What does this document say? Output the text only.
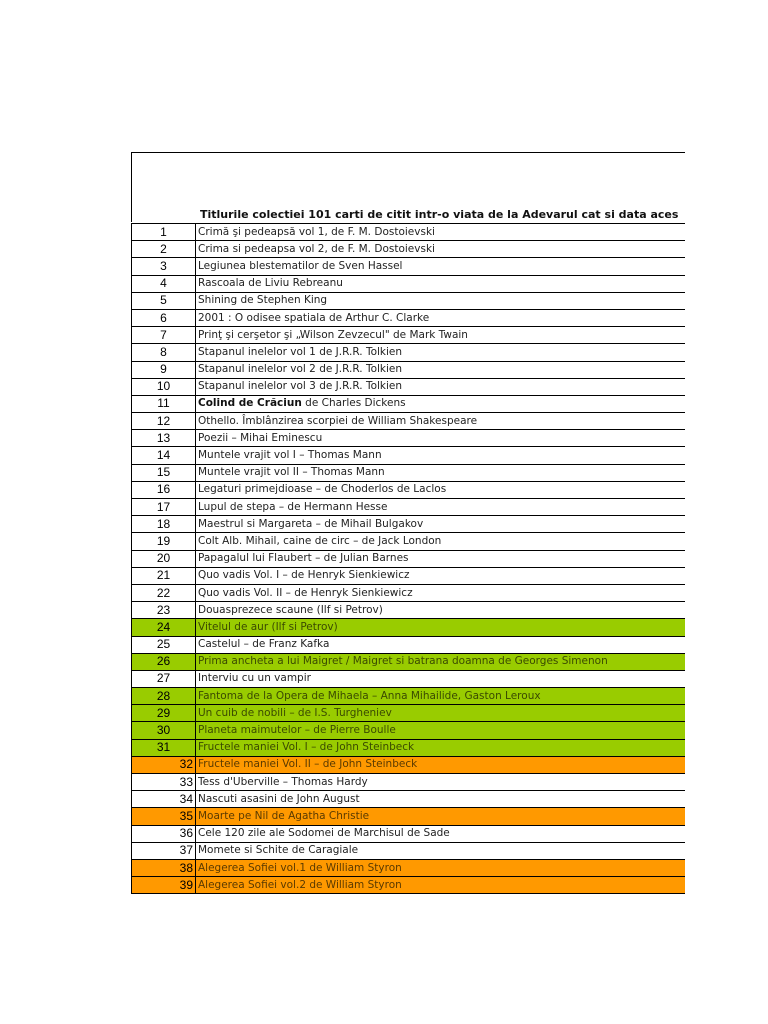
Titlurile colectiei 101 carti de citit intr-o viata de la Adevarul cat si data aces
1	Crimă şi pedeapsă vol 1, de F. M. Dostoievski
2	Crima si pedeapsa vol 2, de F. M. Dostoievski
3	Legiunea blestematilor de Sven Hassel
4	Rascoala de Liviu Rebreanu
5	Shining de Stephen King
6	2001 : O odisee spatiala de Arthur C. Clarke
7	Prinţ şi cerşetor şi „Wilson Zevzecul" de Mark Twain
8	Stapanul inelelor vol 1 de J.R.R. Tolkien
9	Stapanul inelelor vol 2 de J.R.R. Tolkien
10	Stapanul inelelor vol 3 de J.R.R. Tolkien
11	Colind de Crăciun de Charles Dickens
12	Othello. Îmblânzirea scorpiei de William Shakespeare
13	Poezii – Mihai Eminescu
14	Muntele vrajit vol I – Thomas Mann
15	Muntele vrajit vol II – Thomas Mann
16	Legaturi primejdioase – de Choderlos de Laclos
17	Lupul de stepa – de Hermann Hesse
18	Maestrul si Margareta – de Mihail Bulgakov
19	Colt Alb. Mihail, caine de circ – de Jack London
20	Papagalul lui Flaubert – de Julian Barnes
21	Quo vadis Vol. I – de Henryk Sienkiewicz
22	Quo vadis Vol. II – de Henryk Sienkiewicz
23	Douasprezece scaune (Ilf si Petrov)
24	Vitelul de aur (Ilf si Petrov)
25	Castelul – de Franz Kafka
26	Prima ancheta a lui Maigret / Maigret si batrana doamna de Georges Simenon
27	Interviu cu un vampir
28	Fantoma de la Opera de Mihaela – Anna Mihailide, Gaston Leroux
29	Un cuib de nobili – de I.S. Turgheniev
30	Planeta maimutelor – de Pierre Boulle
31	Fructele maniei Vol. I – de John Steinbeck
32	Fructele maniei Vol. II – de John Steinbeck
33	Tess d'Uberville – Thomas Hardy
34	Nascuti asasini de John August
35	Moarte pe Nil de Agatha Christie
36	Cele 120 zile ale Sodomei de Marchisul de Sade
37	Momete si Schite de Caragiale
38	Alegerea Sofiei vol.1 de William Styron
39	Alegerea Sofiei vol.2 de William Styron
